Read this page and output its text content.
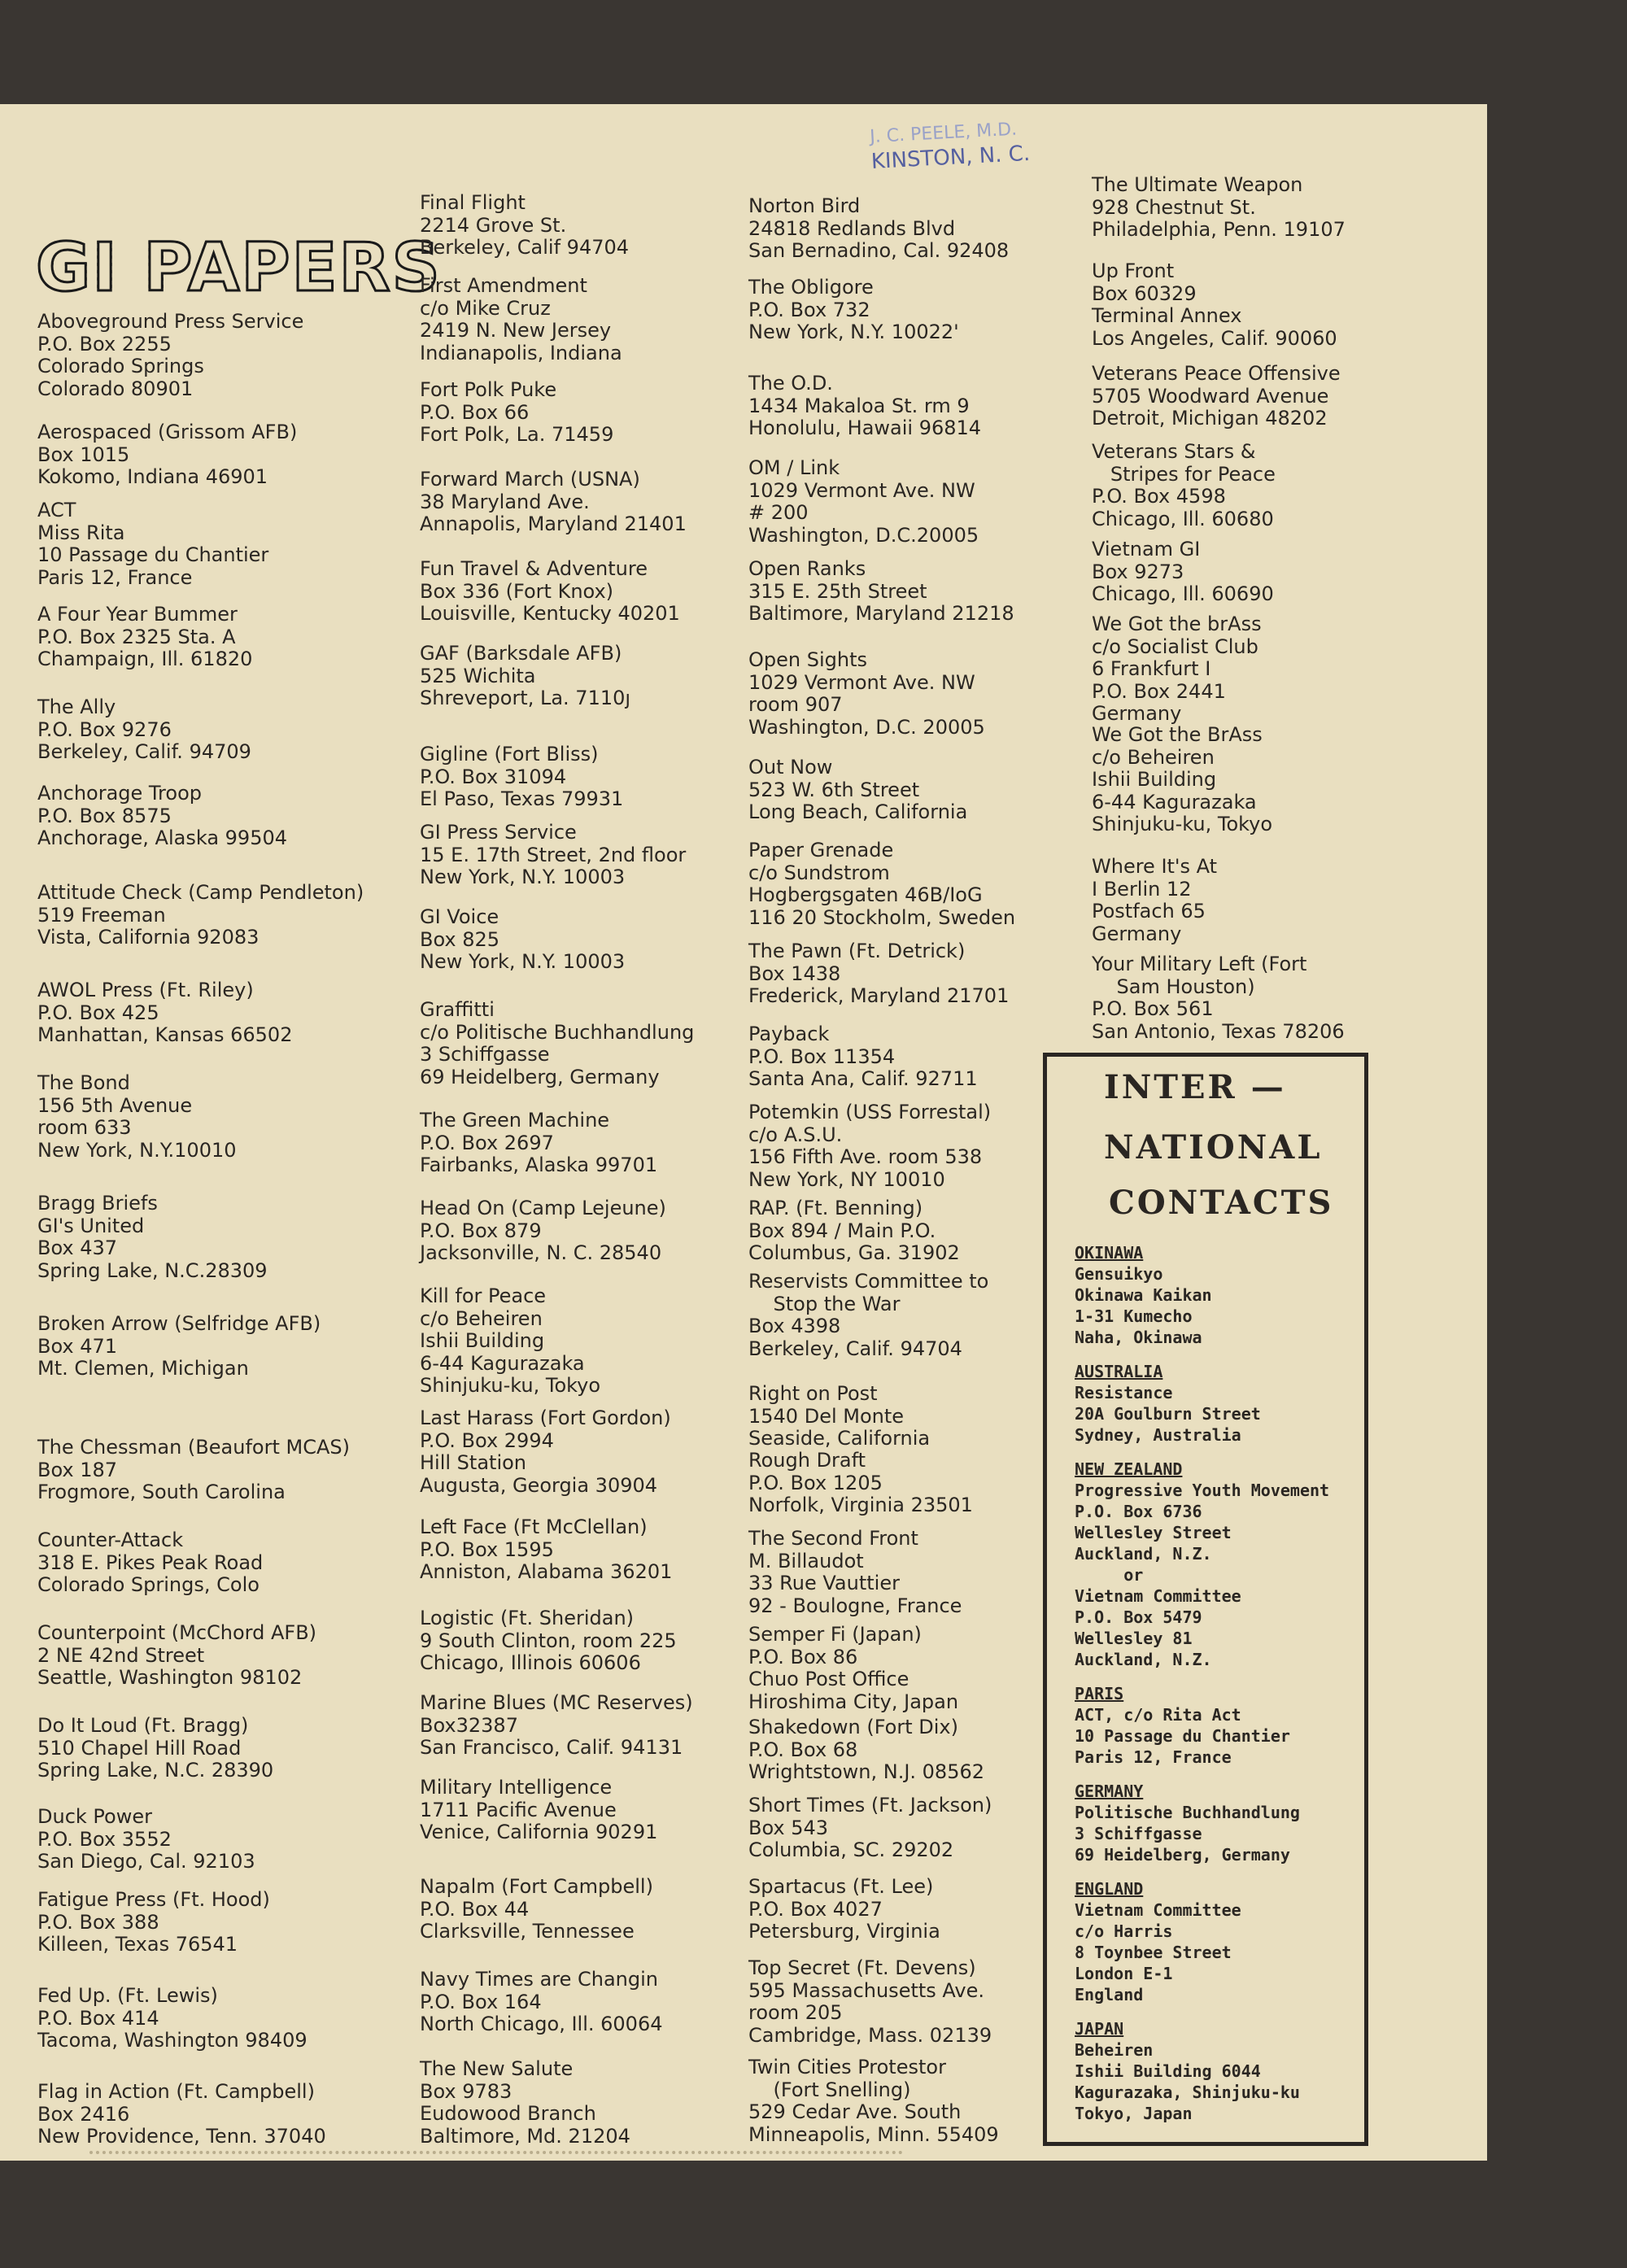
J. C. PEELE, M.D.
KINSTON, N. C.
GI PAPERS
Aboveground Press Service
P.O. Box 2255
Colorado Springs
Colorado 80901
Aerospaced (Grissom AFB)
Box 1015
Kokomo, Indiana 46901
ACT
Miss Rita
10 Passage du Chantier
Paris 12, France
A Four Year Bummer
P.O. Box 2325 Sta. A
Champaign, Ill. 61820
The Ally
P.O. Box 9276
Berkeley, Calif. 94709
Anchorage Troop
P.O. Box 8575
Anchorage, Alaska 99504
Attitude Check (Camp Pendleton)
519 Freeman
Vista, California 92083
AWOL Press (Ft. Riley)
P.O. Box 425
Manhattan, Kansas 66502
The Bond
156 5th Avenue
room 633
New York, N.Y.10010
Bragg Briefs
GI's United
Box 437
Spring Lake, N.C.28309
Broken Arrow (Selfridge AFB)
Box 471
Mt. Clemen, Michigan
The Chessman (Beaufort MCAS)
Box 187
Frogmore, South Carolina
Counter-Attack
318 E. Pikes Peak Road
Colorado Springs, Colo
Counterpoint (McChord AFB)
2 NE 42nd Street
Seattle, Washington 98102
Do It Loud (Ft. Bragg)
510 Chapel Hill Road
Spring Lake, N.C. 28390
Duck Power
P.O. Box 3552
San Diego, Cal. 92103
Fatigue Press (Ft. Hood)
P.O. Box 388
Killeen, Texas 76541
Fed Up. (Ft. Lewis)
P.O. Box 414
Tacoma, Washington 98409
Flag in Action (Ft. Campbell)
Box 2416
New Providence, Tenn. 37040
Final Flight
2214 Grove St.
Berkeley, Calif 94704
First Amendment
c/o Mike Cruz
2419 N. New Jersey
Indianapolis, Indiana
Fort Polk Puke
P.O. Box 66
Fort Polk, La. 71459
Forward March (USNA)
38 Maryland Ave.
Annapolis, Maryland 21401
Fun Travel & Adventure
Box 336 (Fort Knox)
Louisville, Kentucky 40201
GAF (Barksdale AFB)
525 Wichita
Shreveport, La. 7110ȷ
Gigline (Fort Bliss)
P.O. Box 31094
El Paso, Texas 79931
GI Press Service
15 E. 17th Street, 2nd floor
New York, N.Y. 10003
GI Voice
Box 825
New York, N.Y. 10003
Graffitti
c/o Politische Buchhandlung
3 Schiffgasse
69 Heidelberg, Germany
The Green Machine
P.O. Box 2697
Fairbanks, Alaska 99701
Head On (Camp Lejeune)
P.O. Box 879
Jacksonville, N. C. 28540
Kill for Peace
c/o Beheiren
Ishii Building
6-44 Kagurazaka
Shinjuku-ku, Tokyo
Last Harass (Fort Gordon)
P.O. Box 2994
Hill Station
Augusta, Georgia 30904
Left Face (Ft McClellan)
P.O. Box 1595
Anniston, Alabama 36201
Logistic (Ft. Sheridan)
9 South Clinton, room 225
Chicago, Illinois 60606
Marine Blues (MC Reserves)
Box32387
San Francisco, Calif. 94131
Military Intelligence
1711 Pacific Avenue
Venice, California 90291
Napalm (Fort Campbell)
P.O. Box 44
Clarksville, Tennessee
Navy Times are Changin
P.O. Box 164
North Chicago, Ill. 60064
The New Salute
Box 9783
Eudowood Branch
Baltimore, Md. 21204
Norton Bird
24818 Redlands Blvd
San Bernadino, Cal. 92408
The Obligore
P.O. Box 732
New York, N.Y. 10022'
The O.D.
1434 Makaloa St. rm 9
Honolulu, Hawaii 96814
OM / Link
1029 Vermont Ave. NW
# 200
Washington, D.C.20005
Open Ranks
315 E. 25th Street
Baltimore, Maryland 21218
Open Sights
1029 Vermont Ave. NW
room 907
Washington, D.C. 20005
Out Now
523 W. 6th Street
Long Beach, California
Paper Grenade
c/o Sundstrom
Hogbergsgaten 46B/IoG
116 20 Stockholm, Sweden
The Pawn (Ft. Detrick)
Box 1438
Frederick, Maryland 21701
Payback
P.O. Box 11354
Santa Ana, Calif. 92711
Potemkin (USS Forrestal)
c/o A.S.U.
156 Fifth Ave. room 538
New York, NY 10010
RAP. (Ft. Benning)
Box 894 / Main P.O.
Columbus, Ga. 31902
Reservists Committee to
Stop the War
Box 4398
Berkeley, Calif. 94704
Right on Post
1540 Del Monte
Seaside, California
Rough Draft
P.O. Box 1205
Norfolk, Virginia 23501
The Second Front
M. Billaudot
33 Rue Vauttier
92 - Boulogne, France
Semper Fi (Japan)
P.O. Box 86
Chuo Post Office
Hiroshima City, Japan
Shakedown (Fort Dix)
P.O. Box 68
Wrightstown, N.J. 08562
Short Times (Ft. Jackson)
Box 543
Columbia, SC. 29202
Spartacus (Ft. Lee)
P.O. Box 4027
Petersburg, Virginia
Top Secret (Ft. Devens)
595 Massachusetts Ave.
room 205
Cambridge, Mass. 02139
Twin Cities Protestor
(Fort Snelling)
529 Cedar Ave. South
Minneapolis, Minn. 55409
The Ultimate Weapon
928 Chestnut St.
Philadelphia, Penn. 19107
Up Front
Box 60329
Terminal Annex
Los Angeles, Calif. 90060
Veterans Peace Offensive
5705 Woodward Avenue
Detroit, Michigan 48202
Veterans Stars &
Stripes for Peace
P.O. Box 4598
Chicago, Ill. 60680
Vietnam GI
Box 9273
Chicago, Ill. 60690
We Got the brAss
c/o Socialist Club
6 Frankfurt I
P.O. Box 2441
Germany
We Got the BrAss
c/o Beheiren
Ishii Building
6-44 Kagurazaka
Shinjuku-ku, Tokyo
Where It's At
I Berlin 12
Postfach 65
Germany
Your Military Left (Fort
Sam Houston)
P.O. Box 561
San Antonio, Texas 78206
INTER —
NATIONAL
CONTACTS
OKINAWA
Gensuikyo
Okinawa Kaikan
1-31 Kumecho
Naha, Okinawa
AUSTRALIA
Resistance
20A Goulburn Street
Sydney, Australia
NEW ZEALAND
Progressive Youth Movement
P.O. Box 6736
Wellesley Street
Auckland, N.Z.
or
Vietnam Committee
P.O. Box 5479
Wellesley 81
Auckland, N.Z.
PARIS
ACT, c/o Rita Act
10 Passage du Chantier
Paris 12, France
GERMANY
Politische Buchhandlung
3 Schiffgasse
69 Heidelberg, Germany
ENGLAND
Vietnam Committee
c/o Harris
8 Toynbee Street
London E-1
England
JAPAN
Beheiren
Ishii Building 6044
Kagurazaka, Shinjuku-ku
Tokyo, Japan
